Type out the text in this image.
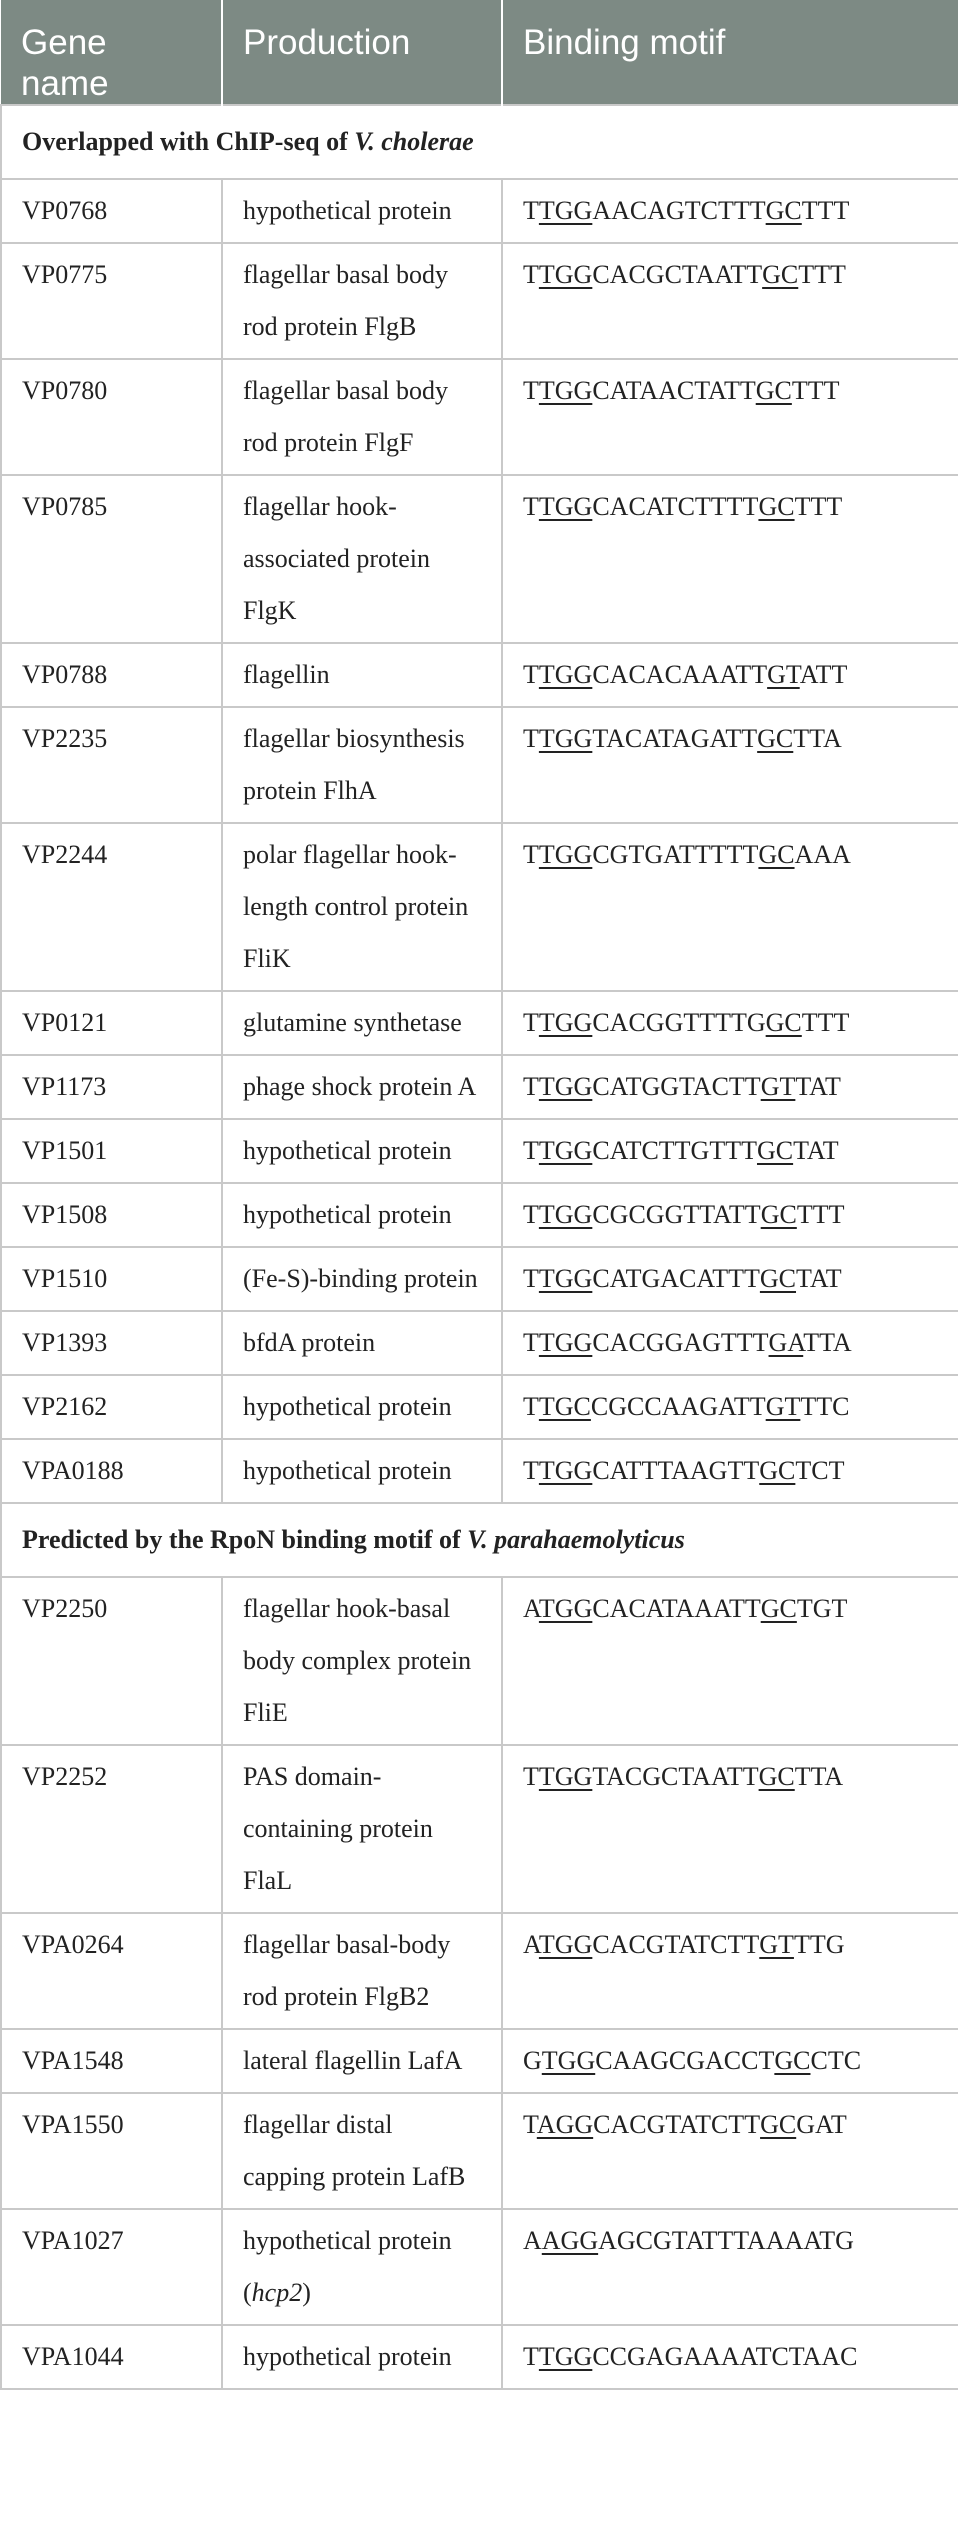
Gene name	Production	Binding motif
Overlapped with ChIP-seq of V. cholerae		
VP0768	hypothetical protein	TTGGAACAGTCTTTGCTTT
VP0775	flagellar basal body rod protein FlgB	TTGGCACGCTAATTGCTTT
VP0780	flagellar basal body rod protein FlgF	TTGGCATAACTATTGCTTT
VP0785	flagellar hook-associated protein FlgK	TTGGCACATCTTTTGCTTT
VP0788	flagellin	TTGGCACACAAATTGTATT
VP2235	flagellar biosynthesis protein FlhA	TTGGTACATAGATTGCTTA
VP2244	polar flagellar hook-length control protein FliK	TTGGCGTGATTTTTGCAAA
VP0121	glutamine synthetase	TTGGCACGGTTTTGGCTTT
VP1173	phage shock protein A	TTGGCATGGTACTTGTTAT
VP1501	hypothetical protein	TTGGCATCTTGTTTGCTAT
VP1508	hypothetical protein	TTGGCGCGGTTATTGCTTT
VP1510	(Fe-S)-binding protein	TTGGCATGACATTTGCTAT
VP1393	bfdA protein	TTGGCACGGAGTTTGATTA
VP2162	hypothetical protein	TTGCCGCCAAGATTGTTTC
VPA0188	hypothetical protein	TTGGCATTTAAGTTGCTCT
Predicted by the RpoN binding motif of V. parahaemolyticus		
VP2250	flagellar hook-basal body complex protein FliE	ATGGCACATAAATTGCTGT
VP2252	PAS domain-containing protein FlaL	TTGGTACGCTAATTGCTTA
VPA0264	flagellar basal-body rod protein FlgB2	ATGGCACGTATCTTGTTTG
VPA1548	lateral flagellin LafA	GTGGCAAGCGACCTGCCTC
VPA1550	flagellar distal capping protein LafB	TAGGCACGTATCTTGCGAT
VPA1027	hypothetical protein (hcp2)	AAGGAGCGTATTTAAAATG
VPA1044	hypothetical protein	TTGGCCGAGAAAATCTAAC
